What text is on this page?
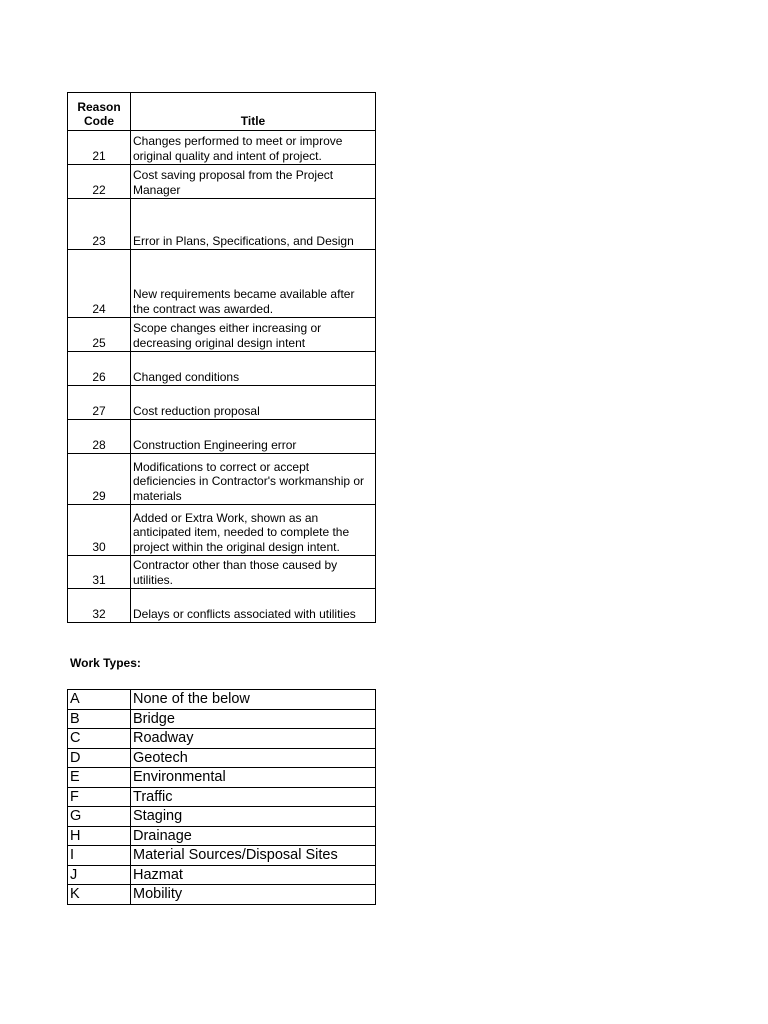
Reason
Code	Title
21	Changes performed to meet or improve original quality and intent of project.
22	Cost saving proposal from the Project Manager
23	Error in Plans, Specifications, and Design
24	New requirements became available after the contract was awarded.
25	Scope changes either increasing or decreasing original design intent
26	Changed conditions
27	Cost reduction proposal
28	Construction Engineering error
29	Modifications to correct or accept deficiencies in Contractor's workmanship or materials
30	Added or Extra Work, shown as an anticipated item, needed to complete the project within the original design intent.
31	Contractor other than those caused by utilities.
32	Delays or conflicts associated with utilities
Work Types:
A	None of the below
B	Bridge
C	Roadway
D	Geotech
E	Environmental
F	Traffic
G	Staging
H	Drainage
I	Material Sources/Disposal Sites
J	Hazmat
K	Mobility
